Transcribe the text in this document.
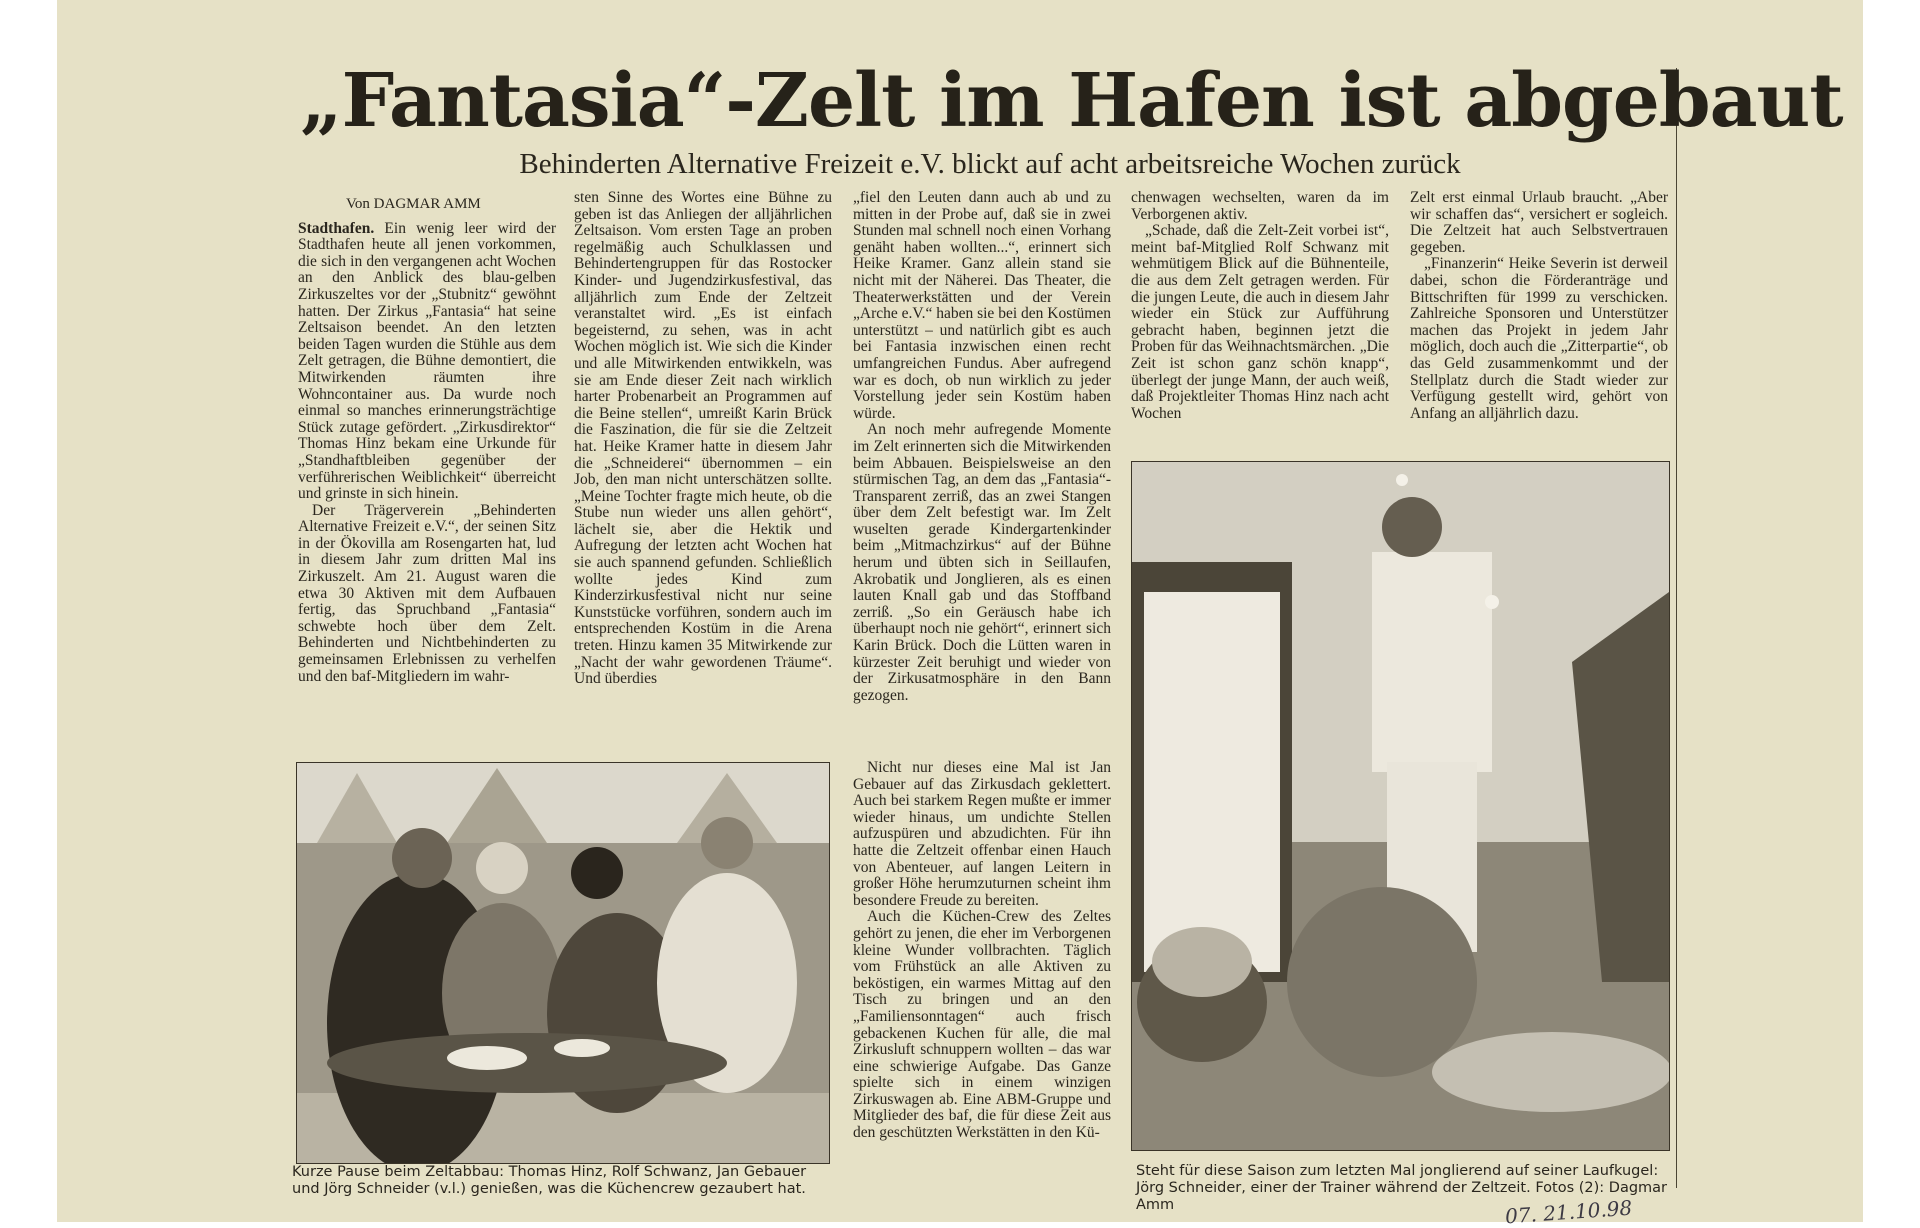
„Fantasia“-Zelt im Hafen ist abgebaut
Behinderten Alternative Freizeit e.V. blickt auf acht arbeitsreiche Wochen zurück

Von DAGMAR AMM

Stadthafen. Ein wenig leer wird der Stadthafen heute all jenen vorkommen, die sich in den vergangenen acht Wochen an den Anblick des blau-gelben Zirkuszeltes vor der „Stubnitz“ gewöhnt hatten. Der Zirkus „Fantasia“ hat seine Zeltsaison beendet. An den letzten beiden Tagen wurden die Stühle aus dem Zelt getragen, die Bühne demontiert, die Mitwirkenden räumten ihre Wohncontainer aus. Da wurde noch einmal so manches erinnerungsträchtige Stück zutage gefördert. „Zirkusdirektor“ Thomas Hinz bekam eine Urkunde für „Standhaftbleiben gegenüber der verführerischen Weiblichkeit“ überreicht und grinste in sich hinein.

Der Trägerverein „Behinderten Alternative Freizeit e.V.“, der seinen Sitz in der Ökovilla am Rosengarten hat, lud in diesem Jahr zum dritten Mal ins Zirkuszelt. Am 21. August waren die etwa 30 Aktiven mit dem Aufbauen fertig, das Spruchband „Fantasia“ schwebte hoch über dem Zelt. Behinderten und Nichtbehinderten zu gemeinsamen Erlebnissen zu verhelfen und den baf-Mitgliedern im wahr-

sten Sinne des Wortes eine Bühne zu geben ist das Anliegen der alljährlichen Zeltsaison. Vom ersten Tage an proben regelmäßig auch Schulklassen und Behindertengruppen für das Rostocker Kinder- und Jugendzirkusfestival, das alljährlich zum Ende der Zeltzeit veranstaltet wird. „Es ist einfach begeisternd, zu sehen, was in acht Wochen möglich ist. Wie sich die Kinder und alle Mitwirkenden entwikkeln, was sie am Ende dieser Zeit nach wirklich harter Probenarbeit an Programmen auf die Beine stellen“, umreißt Karin Brück die Faszination, die für sie die Zeltzeit hat. Heike Kramer hatte in diesem Jahr die „Schneiderei“ übernommen – ein Job, den man nicht unterschätzen sollte. „Meine Tochter fragte mich heute, ob die Stube nun wieder uns allen gehört“, lächelt sie, aber die Hektik und Aufregung der letzten acht Wochen hat sie auch spannend gefunden. Schließlich wollte jedes Kind zum Kinderzirkusfestival nicht nur seine Kunststücke vorführen, sondern auch im entsprechenden Kostüm in die Arena treten. Hinzu kamen 35 Mitwirkende zur „Nacht der wahr gewordenen Träume“. Und überdies

„fiel den Leuten dann auch ab und zu mitten in der Probe auf, daß sie in zwei Stunden mal schnell noch einen Vorhang genäht haben wollten...“, erinnert sich Heike Kramer. Ganz allein stand sie nicht mit der Näherei. Das Theater, die Theaterwerkstätten und der Verein „Arche e.V.“ haben sie bei den Kostümen unterstützt – und natürlich gibt es auch bei Fantasia inzwischen einen recht umfangreichen Fundus. Aber aufregend war es doch, ob nun wirklich zu jeder Vorstellung jeder sein Kostüm haben würde.

An noch mehr aufregende Momente im Zelt erinnerten sich die Mitwirkenden beim Abbauen. Beispielsweise an den stürmischen Tag, an dem das „Fantasia“-Transparent zerriß, das an zwei Stangen über dem Zelt befestigt war. Im Zelt wuselten gerade Kindergartenkinder beim „Mitmachzirkus“ auf der Bühne herum und übten sich in Seillaufen, Akrobatik und Jonglieren, als es einen lauten Knall gab und das Stoffband zerriß. „So ein Geräusch habe ich überhaupt noch nie gehört“, erinnert sich Karin Brück. Doch die Lütten waren in kürzester Zeit beruhigt und wieder von der Zirkusatmosphäre in den Bann gezogen.

Nicht nur dieses eine Mal ist Jan Gebauer auf das Zirkusdach geklettert. Auch bei starkem Regen mußte er immer wieder hinaus, um undichte Stellen aufzuspüren und abzudichten. Für ihn hatte die Zeltzeit offenbar einen Hauch von Abenteuer, auf langen Leitern in großer Höhe herumzuturnen scheint ihm besondere Freude zu bereiten.

Auch die Küchen-Crew des Zeltes gehört zu jenen, die eher im Verborgenen kleine Wunder vollbrachten. Täglich vom Frühstück an alle Aktiven zu beköstigen, ein warmes Mittag auf den Tisch zu bringen und an den „Familiensonntagen“ auch frisch gebackenen Kuchen für alle, die mal Zirkusluft schnuppern wollten – das war eine schwierige Aufgabe. Das Ganze spielte sich in einem winzigen Zirkuswagen ab. Eine ABM-Gruppe und Mitglieder des baf, die für diese Zeit aus den geschützten Werkstätten in den Kü-

chenwagen wechselten, waren da im Verborgenen aktiv.

„Schade, daß die Zelt-Zeit vorbei ist“, meint baf-Mitglied Rolf Schwanz mit wehmütigem Blick auf die Bühnenteile, die aus dem Zelt getragen werden. Für die jungen Leute, die auch in diesem Jahr wieder ein Stück zur Aufführung gebracht haben, beginnen jetzt die Proben für das Weihnachtsmärchen. „Die Zeit ist schon ganz schön knapp“, überlegt der junge Mann, der auch weiß, daß Projektleiter Thomas Hinz nach acht Wochen

Zelt erst einmal Urlaub braucht. „Aber wir schaffen das“, versichert er sogleich. Die Zeltzeit hat auch Selbstvertrauen gegeben.

„Finanzerin“ Heike Severin ist derweil dabei, schon die Förderanträge und Bittschriften für 1999 zu verschicken. Zahlreiche Sponsoren und Unterstützer machen das Projekt in jedem Jahr möglich, doch auch die „Zitterpartie“, ob das Geld zusammenkommt und der Stellplatz durch die Stadt wieder zur Verfügung gestellt wird, gehört von Anfang an alljährlich dazu.

Kurze Pause beim Zeltabbau: Thomas Hinz, Rolf Schwanz, Jan Gebauer und Jörg Schneider (v.l.) genießen, was die Küchencrew gezaubert hat.
Steht für diese Saison zum letzten Mal jonglierend auf seiner Laufkugel: Jörg Schneider, einer der Trainer während der Zeltzeit. Fotos (2): Dagmar Amm	07. 21.10.98
